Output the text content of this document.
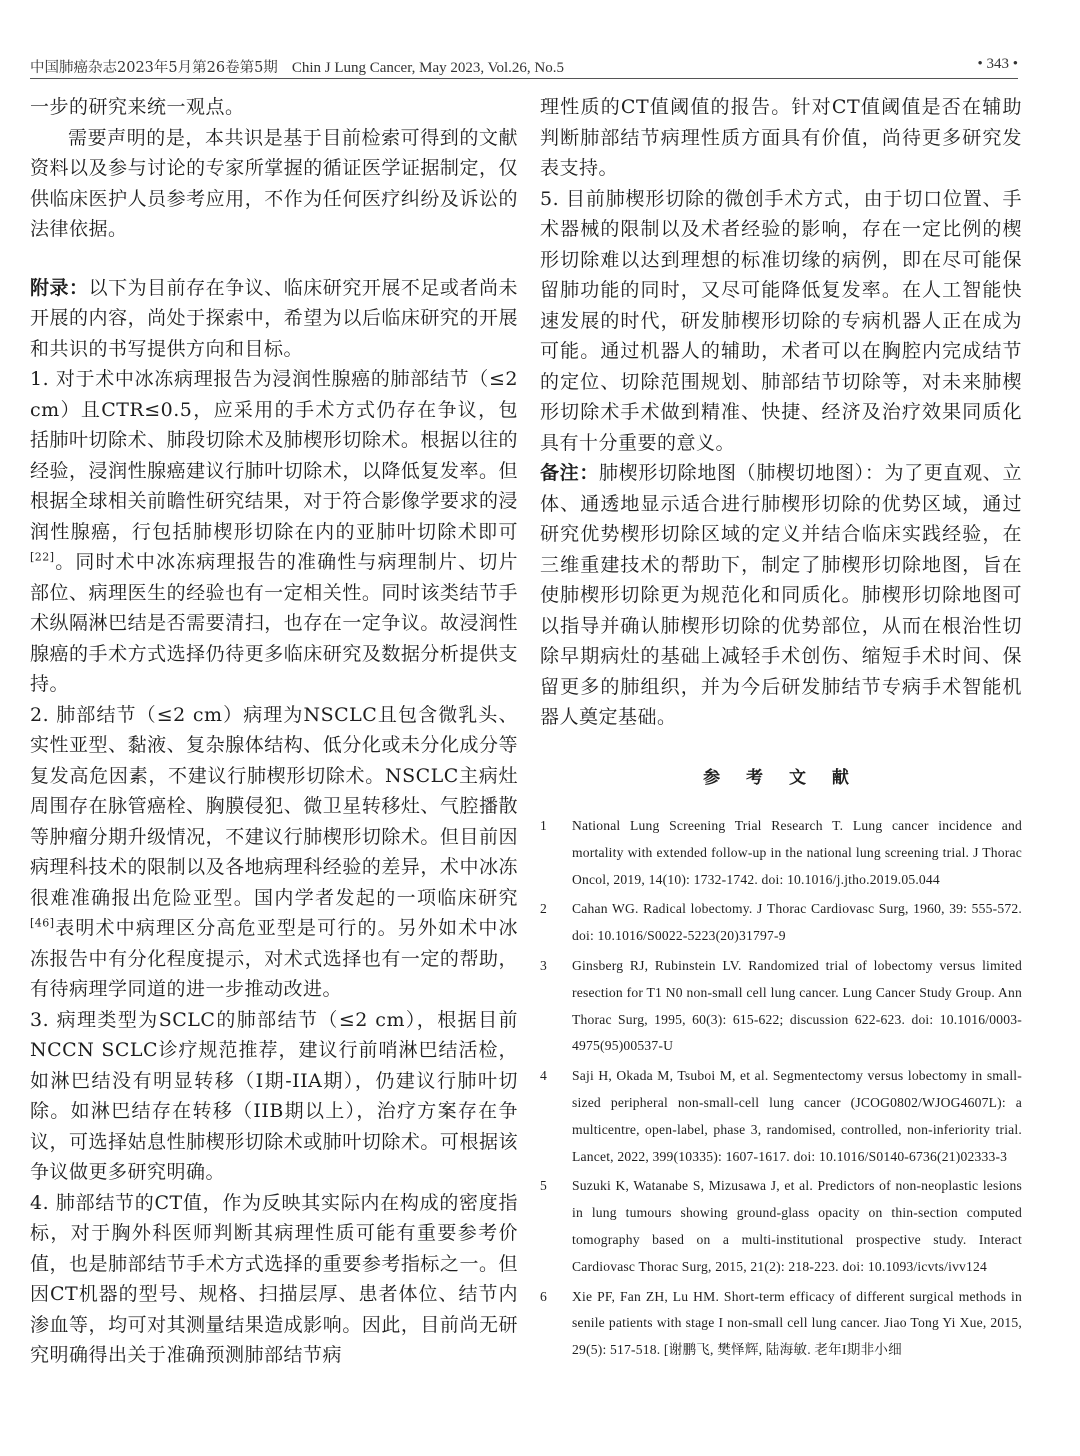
中国肺癌杂志2023年5月第26卷第5期 Chin J Lung Cancer, May 2023, Vol.26, No.5	• 343 •

一步的研究来统一观点。

需要声明的是，本共识是基于目前检索可得到的文献资料以及参与讨论的专家所掌握的循证医学证据制定，仅供临床医护人员参考应用，不作为任何医疗纠纷及诉讼的法律依据。

附录：以下为目前存在争议、临床研究开展不足或者尚未开展的内容，尚处于探索中，希望为以后临床研究的开展和共识的书写提供方向和目标。

1. 对于术中冰冻病理报告为浸润性腺癌的肺部结节（≤2 cm）且CTR≤0.5，应采用的手术方式仍存在争议，包括肺叶切除术、肺段切除术及肺楔形切除术。根据以往的经验，浸润性腺癌建议行肺叶切除术，以降低复发率。但根据全球相关前瞻性研究结果，对于符合影像学要求的浸润性腺癌，行包括肺楔形切除在内的亚肺叶切除术即可[22]。同时术中冰冻病理报告的准确性与病理制片、切片部位、病理医生的经验也有一定相关性。同时该类结节手术纵隔淋巴结是否需要清扫，也存在一定争议。故浸润性腺癌的手术方式选择仍待更多临床研究及数据分析提供支持。

2. 肺部结节（≤2 cm）病理为NSCLC且包含微乳头、实性亚型、黏液、复杂腺体结构、低分化或未分化成分等复发高危因素，不建议行肺楔形切除术。NSCLC主病灶周围存在脉管癌栓、胸膜侵犯、微卫星转移灶、气腔播散等肿瘤分期升级情况，不建议行肺楔形切除术。但目前因病理科技术的限制以及各地病理科经验的差异，术中冰冻很难准确报出危险亚型。国内学者发起的一项临床研究[46]表明术中病理区分高危亚型是可行的。另外如术中冰冻报告中有分化程度提示，对术式选择也有一定的帮助，有待病理学同道的进一步推动改进。

3. 病理类型为SCLC的肺部结节（≤2 cm），根据目前NCCN SCLC诊疗规范推荐，建议行前哨淋巴结活检，如淋巴结没有明显转移（I期-IIA期），仍建议行肺叶切除。如淋巴结存在转移（IIB期以上），治疗方案存在争议，可选择姑息性肺楔形切除术或肺叶切除术。可根据该争议做更多研究明确。

4. 肺部结节的CT值，作为反映其实际内在构成的密度指标，对于胸外科医师判断其病理性质可能有重要参考价值，也是肺部结节手术方式选择的重要参考指标之一。但因CT机器的型号、规格、扫描层厚、患者体位、结节内渗血等，均可对其测量结果造成影响。因此，目前尚无研究明确得出关于准确预测肺部结节病

理性质的CT值阈值的报告。针对CT值阈值是否在辅助判断肺部结节病理性质方面具有价值，尚待更多研究发表支持。

5. 目前肺楔形切除的微创手术方式，由于切口位置、手术器械的限制以及术者经验的影响，存在一定比例的楔形切除难以达到理想的标准切缘的病例，即在尽可能保留肺功能的同时，又尽可能降低复发率。在人工智能快速发展的时代，研发肺楔形切除的专病机器人正在成为可能。通过机器人的辅助，术者可以在胸腔内完成结节的定位、切除范围规划、肺部结节切除等，对未来肺楔形切除术手术做到精准、快捷、经济及治疗效果同质化具有十分重要的意义。

备注：肺楔形切除地图（肺楔切地图）：为了更直观、立体、通透地显示适合进行肺楔形切除的优势区域，通过研究优势楔形切除区域的定义并结合临床实践经验，在三维重建技术的帮助下，制定了肺楔形切除地图，旨在使肺楔形切除更为规范化和同质化。肺楔形切除地图可以指导并确认肺楔形切除的优势部位，从而在根治性切除早期病灶的基础上减轻手术创伤、缩短手术时间、保留更多的肺组织，并为今后研发肺结节专病手术智能机器人奠定基础。

参 考 文 献
1 National Lung Screening Trial Research T. Lung cancer incidence and mortality with extended follow-up in the national lung screening trial. J Thorac Oncol, 2019, 14(10): 1732-1742. doi: 10.1016/j.jtho.2019.05.044
2 Cahan WG. Radical lobectomy. J Thorac Cardiovasc Surg, 1960, 39: 555-572. doi: 10.1016/S0022-5223(20)31797-9
3 Ginsberg RJ, Rubinstein LV. Randomized trial of lobectomy versus limited resection for T1 N0 non-small cell lung cancer. Lung Cancer Study Group. Ann Thorac Surg, 1995, 60(3): 615-622; discussion 622-623. doi: 10.1016/0003-4975(95)00537-U
4 Saji H, Okada M, Tsuboi M, et al. Segmentectomy versus lobectomy in small-sized peripheral non-small-cell lung cancer (JCOG0802/WJOG4607L): a multicentre, open-label, phase 3, randomised, controlled, non-inferiority trial. Lancet, 2022, 399(10335): 1607-1617. doi: 10.1016/S0140-6736(21)02333-3
5 Suzuki K, Watanabe S, Mizusawa J, et al. Predictors of non-neoplastic lesions in lung tumours showing ground-glass opacity on thin-section computed tomography based on a multi-institutional prospective study. Interact Cardiovasc Thorac Surg, 2015, 21(2): 218-223. doi: 10.1093/icvts/ivv124
6 Xie PF, Fan ZH, Lu HM. Short-term efficacy of different surgical methods in senile patients with stage I non-small cell lung cancer. Jiao Tong Yi Xue, 2015, 29(5): 517-518. [谢鹏飞, 樊怿辉, 陆海敏. 老年I期非小细
